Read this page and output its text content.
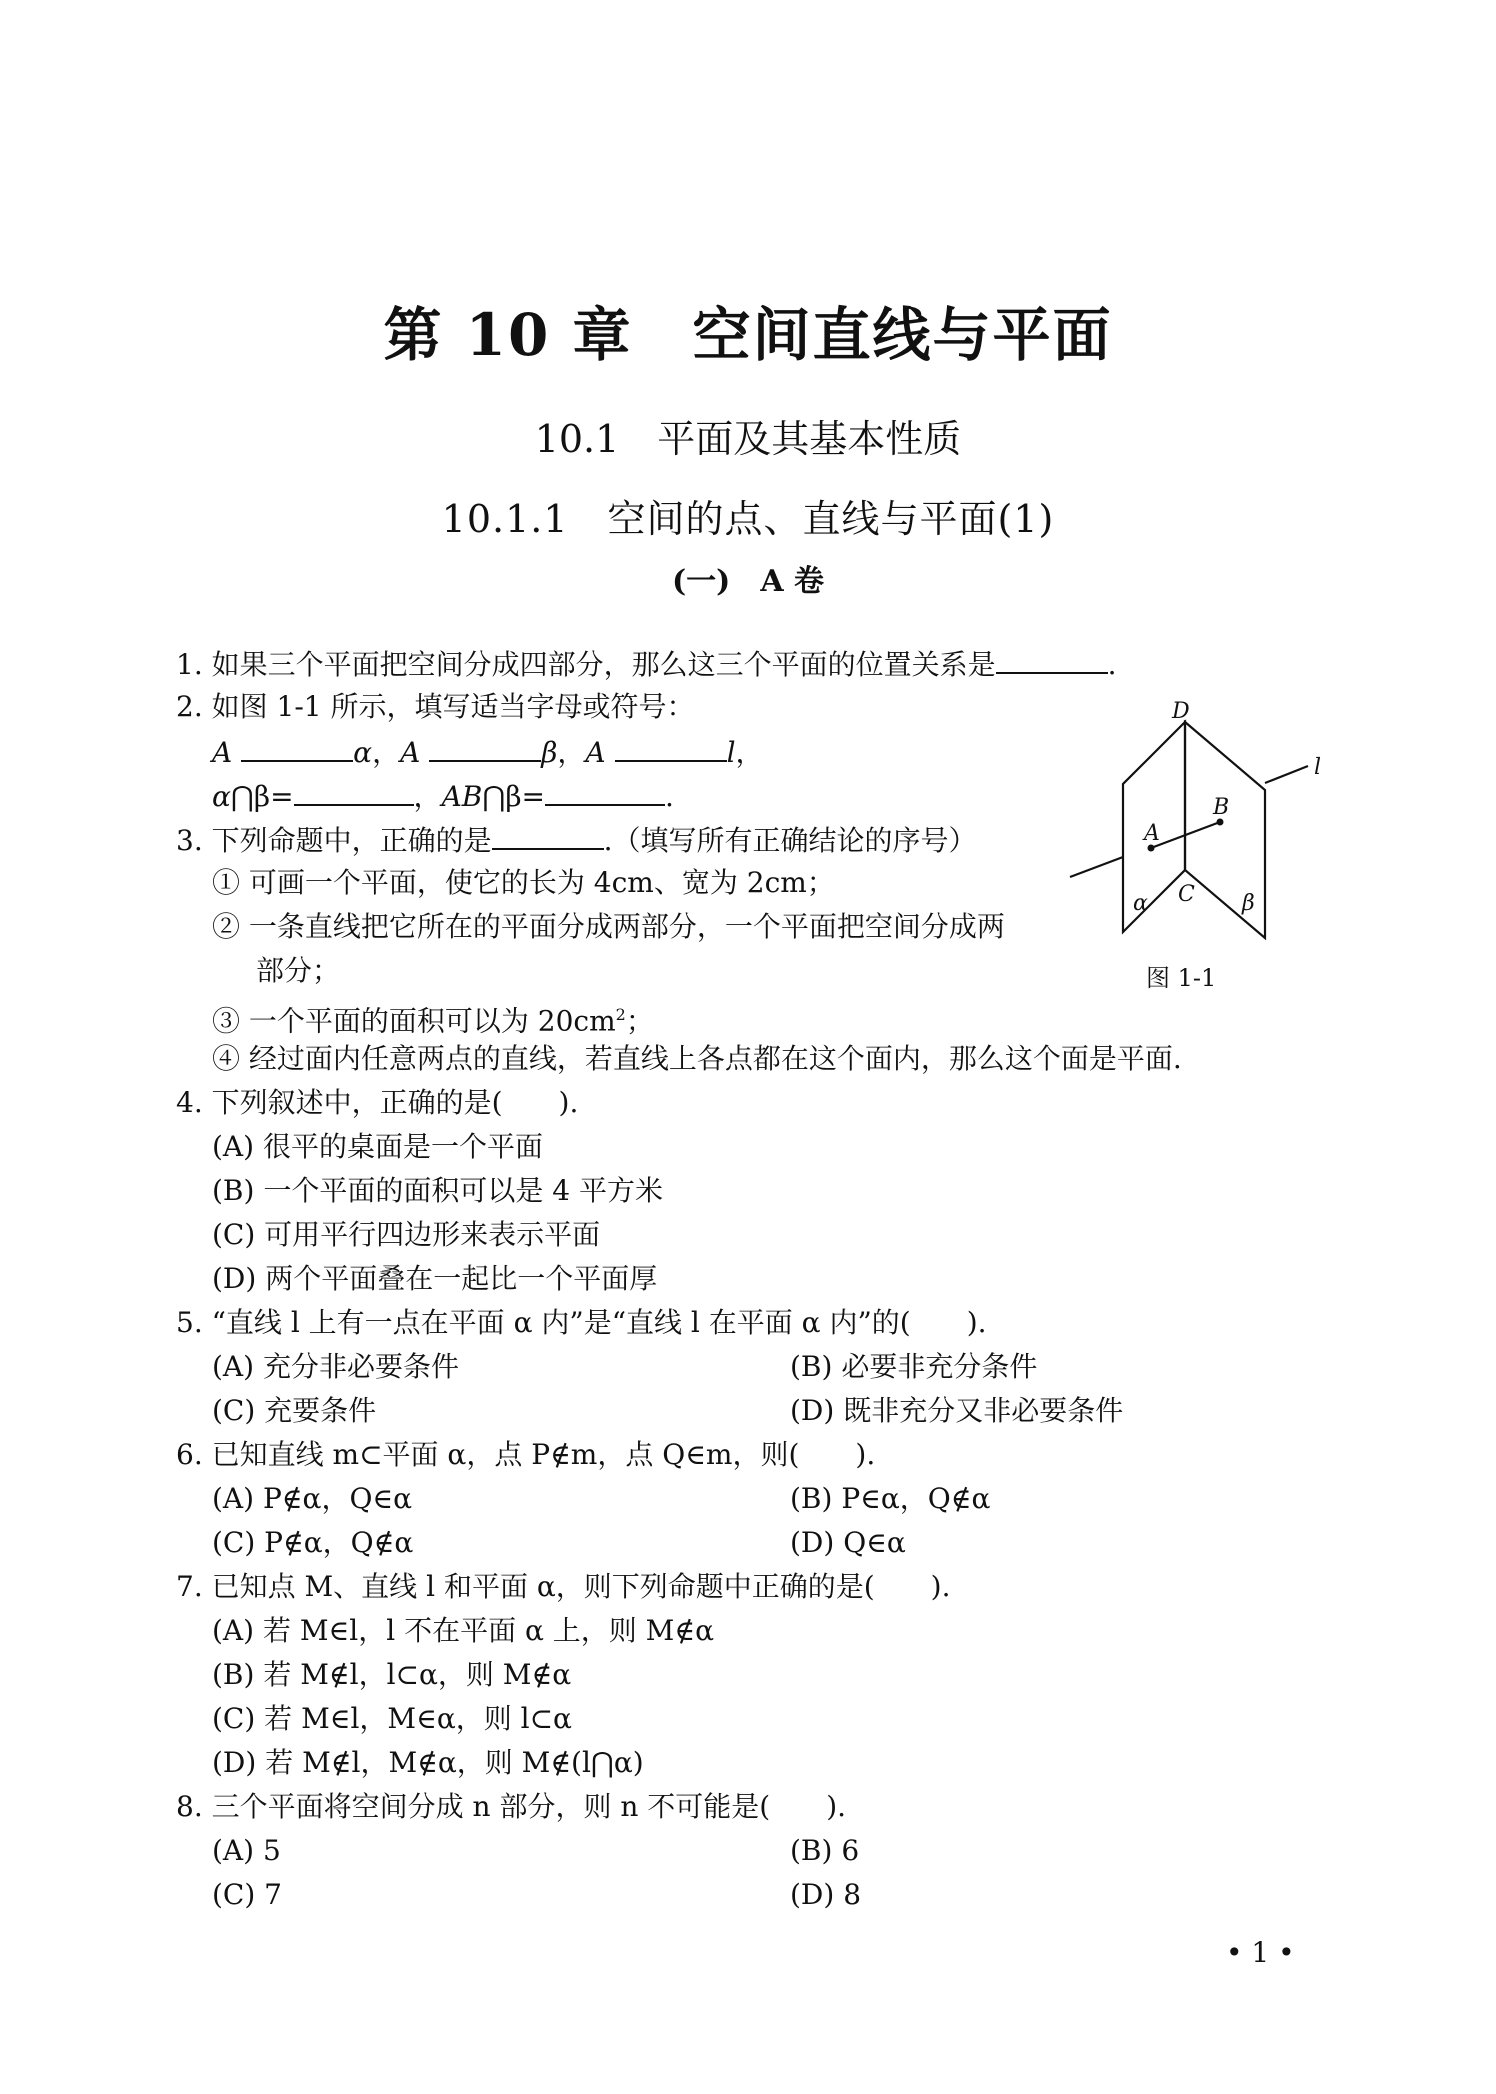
第 10 章　空间直线与平面
10.1　平面及其基本性质
10.1.1　空间的点、直线与平面(1)
(一)　A 卷
1. 如果三个平面把空间分成四部分，那么这三个平面的位置关系是	.
2. 如图 1-1 所示，填写适当字母或符号：
A	α，A	β，A	l，
α⋂β=	，AB⋂β=	.
3. 下列命题中，正确的是	.（填写所有正确结论的序号）
① 可画一个平面，使它的长为 4cm、宽为 2cm；
② 一条直线把它所在的平面分成两部分，一个平面把空间分成两
部分；
③ 一个平面的面积可以为 $20cm^2$；
④ 经过面内任意两点的直线，若直线上各点都在这个面内，那么这个面是平面.
D
B
A
C
α	β
l
图 1-1
4. 下列叙述中，正确的是(　　).
(A) 很平的桌面是一个平面
(B) 一个平面的面积可以是 4 平方米
(C) 可用平行四边形来表示平面
(D) 两个平面叠在一起比一个平面厚
5. “直线 l 上有一点在平面 α 内”是“直线 l 在平面 α 内”的(　　).
(A) 充分非必要条件	(B) 必要非充分条件
(C) 充要条件	(D) 既非充分又非必要条件
6. 已知直线 m⊂平面 α，点 P∉m，点 Q∈m，则(　　).
(A) P∉α，Q∈α	(B) P∈α，Q∉α
(C) P∉α，Q∉α	(D) Q∈α
7. 已知点 M、直线 l 和平面 α，则下列命题中正确的是(　　).
(A) 若 M∈l，l 不在平面 α 上，则 M∉α
(B) 若 M∉l，l⊂α，则 M∉α
(C) 若 M∈l，M∈α，则 l⊂α
(D) 若 M∉l，M∉α，则 M∉(l⋂α)
8. 三个平面将空间分成 n 部分，则 n 不可能是(　　).
(A) 5	(B) 6
(C) 7	(D) 8
• 1 •
